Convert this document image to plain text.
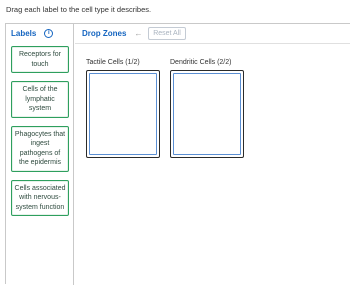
Drag each label to the cell type it describes.
Labels	i
Receptors for touch
Cells of the lymphatic system
Phagocytes that ingest pathogens of the epidermis
Cells associated with nervous-system function
Drop Zones ←	Reset All
Tactile Cells (1/2)	Dendritic Cells (2/2)
